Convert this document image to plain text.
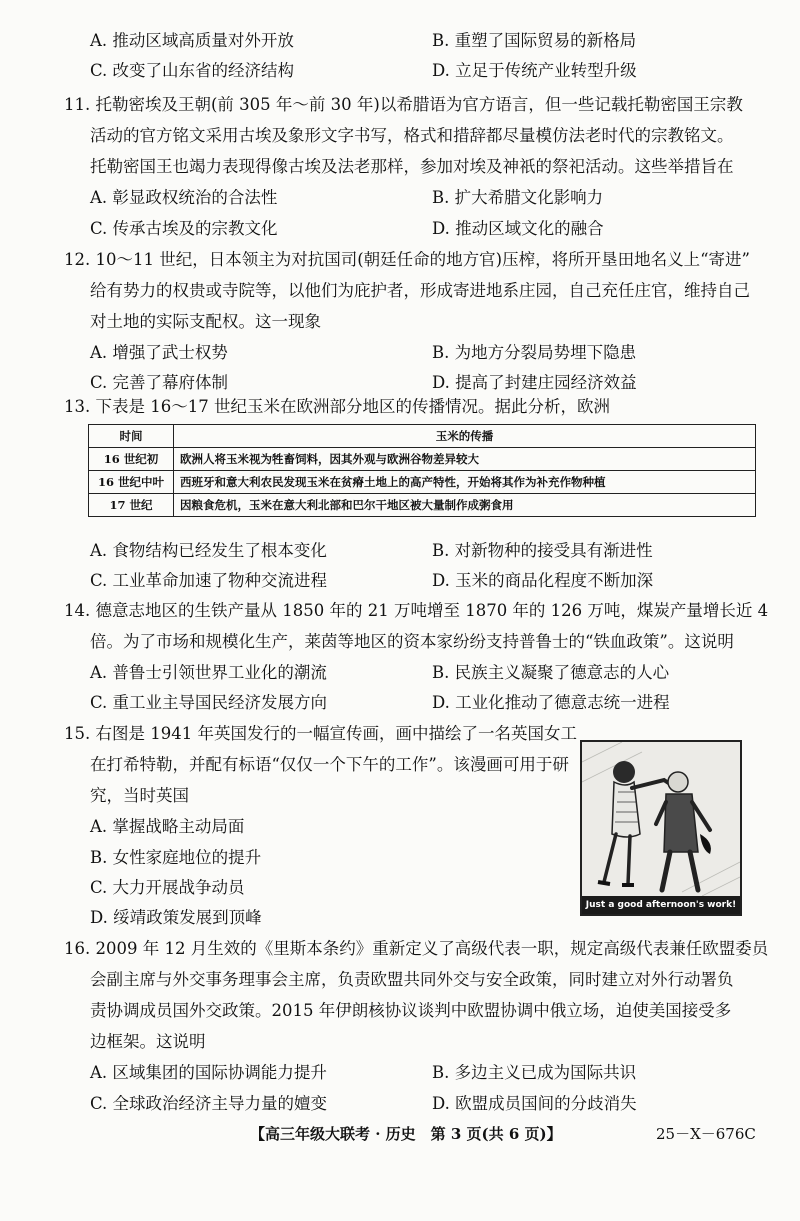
A. 推动区域高质量对外开放	B. 重塑了国际贸易的新格局
C. 改变了山东省的经济结构	D. 立足于传统产业转型升级
11. 托勒密埃及王朝(前 305 年～前 30 年)以希腊语为官方语言，但一些记载托勒密国王宗教
活动的官方铭文采用古埃及象形文字书写，格式和措辞都尽量模仿法老时代的宗教铭文。
托勒密国王也竭力表现得像古埃及法老那样，参加对埃及神祇的祭祀活动。这些举措旨在
A. 彰显政权统治的合法性	B. 扩大希腊文化影响力
C. 传承古埃及的宗教文化	D. 推动区域文化的融合
12. 10～11 世纪，日本领主为对抗国司(朝廷任命的地方官)压榨，将所开垦田地名义上“寄进”
给有势力的权贵或寺院等，以他们为庇护者，形成寄进地系庄园，自己充任庄官，维持自己
对土地的实际支配权。这一现象
A. 增强了武士权势	B. 为地方分裂局势埋下隐患
C. 完善了幕府体制	D. 提高了封建庄园经济效益
13. 下表是 16～17 世纪玉米在欧洲部分地区的传播情况。据此分析，欧洲
时间	玉米的传播
16 世纪初	欧洲人将玉米视为牲畜饲料，因其外观与欧洲谷物差异较大
16 世纪中叶	西班牙和意大利农民发现玉米在贫瘠土地上的高产特性，开始将其作为补充作物种植
17 世纪	因粮食危机，玉米在意大利北部和巴尔干地区被大量制作成粥食用
A. 食物结构已经发生了根本变化	B. 对新物种的接受具有渐进性
C. 工业革命加速了物种交流进程	D. 玉米的商品化程度不断加深
14. 德意志地区的生铁产量从 1850 年的 21 万吨增至 1870 年的 126 万吨，煤炭产量增长近 4
倍。为了市场和规模化生产，莱茵等地区的资本家纷纷支持普鲁士的“铁血政策”。这说明
A. 普鲁士引领世界工业化的潮流	B. 民族主义凝聚了德意志的人心
C. 重工业主导国民经济发展方向	D. 工业化推动了德意志统一进程
15. 右图是 1941 年英国发行的一幅宣传画，画中描绘了一名英国女工
在打希特勒，并配有标语“仅仅一个下午的工作”。该漫画可用于研
究，当时英国
A. 掌握战略主动局面
B. 女性家庭地位的提升
C. 大力开展战争动员
D. 绥靖政策发展到顶峰
Just a good afternoon's work!
16. 2009 年 12 月生效的《里斯本条约》重新定义了高级代表一职，规定高级代表兼任欧盟委员
会副主席与外交事务理事会主席，负责欧盟共同外交与安全政策，同时建立对外行动署负
责协调成员国外交政策。2015 年伊朗核协议谈判中欧盟协调中俄立场，迫使美国接受多
边框架。这说明
A. 区域集团的国际协调能力提升	B. 多边主义已成为国际共识
C. 全球政治经济主导力量的嬗变	D. 欧盟成员国间的分歧消失
【高三年级大联考 · 历史　第 3 页(共 6 页)】	25－X－676C
